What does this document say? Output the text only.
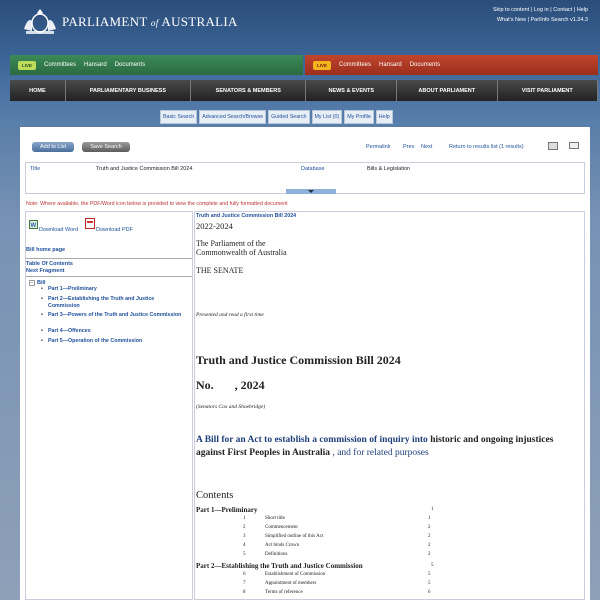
PARLIAMENT of AUSTRALIA
Skip to content | Log in | Contact | Help
What's New | ParlInfo Search v1.34.3
LIVE	Committees Hansard Documents	LIVE	Committees Hansard Documents
HOME	PARLIAMENTARY BUSINESS	SENATORS & MEMBERS	NEWS & EVENTS	ABOUT PARLIAMENT	VISIT PARLIAMENT
Basic Search	Advanced Search/Browse	Guided Search	My List (0)	My Profile	Help
Add to List	Save Search	Permalink Prev Next	Return to results list (1 results)
Title	Truth and Justice Commission Bill 2024	Database	Bills & Legislation
Note: Where available, the PDF/Word icon below is provided to view the complete and fully formatted document
W
Download Word	Download PDF
Bill home page
Table Of Contents
Next Fragment
− Bill
• Part 1—Preliminary
• Part 2—Establishing the Truth and Justice Commission
• Part 3—Powers of the Truth and Justice Commission
• Part 4—Offences
• Part 5—Operation of the Commission
Truth and Justice Commission Bill 2024
2022-2024
The Parliament of the
Commonwealth of Australia
THE SENATE
Presented and read a first time
Truth and Justice Commission Bill 2024
No.       , 2024
(Senators Cox and Shoebridge)
A Bill for an Act to establish a commission of inquiry into historic and ongoing injustices against First Peoples in Australia , and for related purposes
Contents
Part 1—Preliminary	1
1	Short title	1
2	Commencement	2
3	Simplified outline of this Act	2
4	Act binds Crown	2
5	Definitions	2
Part 2—Establishing the Truth and Justice Commission	5
6	Establishment of Commission	5
7	Appointment of members	5
8	Terms of reference	6
